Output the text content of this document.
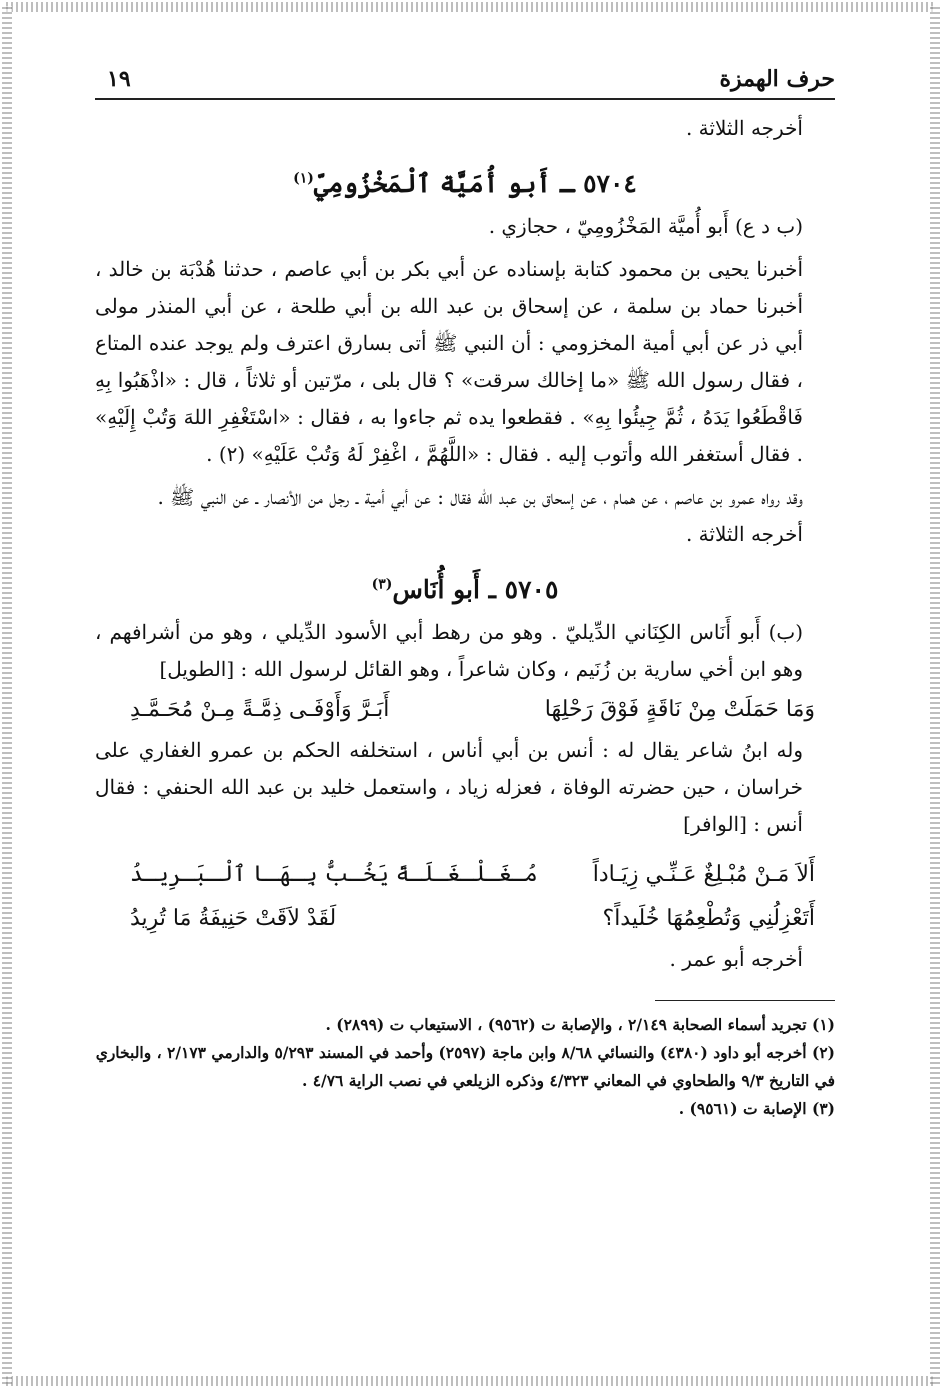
حرف الهمزة
١٩
أخرجه الثلاثة .
٥٧٠٤ ـ أَبو أُمَيَّة ٱلْمَخْزُومِيّ$^{(١)}$
(ب د ع) أَبو أُميَّة المَخْزُومِيّ ، حجازي .
أخبرنا يحيى بن محمود كتابة بإسناده عن أبي بكر بن أبي عاصم ، حدثنا هُدْبَة بن خالد ، أخبرنا حماد بن سلمة ، عن إسحاق بن عبد الله بن أبي طلحة ، عن أبي المنذر مولى أبي ذر عن أبي أمية المخزومي : أن النبي ﷺ أتى بسارق اعترف ولم يوجد عنده المتاع ، فقال رسول الله ﷺ «ما إخالك سرقت» ؟ قال بلى ، مرّتين أو ثلاثاً ، قال : «اذْهَبُوا بِهِ فَاقْطَعُوا يَدَهُ ، ثُمَّ جِيئُوا بِهِ» . فقطعوا يده ثم جاءوا به ، فقال : «اسْتَغْفِرِ اللهَ وَتُبْ إِلَيْهِ» . فقال أستغفر الله وأتوب إليه . فقال : «اللَّهُمَّ ، اغْفِرْ لَهُ وَتُبْ عَلَيْهِ» (٢) .
وقد رواه عمرو بن عاصم ، عن همام ، عن إسحاق بن عبد الله فقال : عن أبي أمية ـ رجل من الأنصار ـ عن النبي ﷺ .
أخرجه الثلاثة .
٥٧٠٥ ـ أَبو أُنَاس$^{(٣)}$
(ب) أَبو أَنَاس الكِنَاني الدِّيليّ . وهو من رهط أبي الأسود الدِّيلي ، وهو من أشرافهم ، وهو ابن أخي سارية بن زُنَيم ، وكان شاعراً ، وهو القائل لرسول الله : [الطويل]
وَمَا حَمَلَتْ مِنْ نَاقَةٍ فَوْقَ رَحْلِهَا
أَبَـرَّ وَأَوْفَـى ذِمَّـةً مِـنْ مُحَـمَّـدِ
وله ابنُ شاعر يقال له : أنس بن أبي أناس ، استخلفه الحكم بن عمرو الغفاري على خراسان ، حين حضرته الوفاة ، فعزله زياد ، واستعمل خليد بن عبد الله الحنفي : فقال أنس : [الوافر]
أَلاَ مَـنْ مُبْـلِغٌ عَـنِّـي زِيَـاداً
مُـغَـلْـغَـلَـةً يَخُـبُّ بِـهَـا ٱلْـبَـرِيـدُ
أَتَعْزِلُنِي وَتُطْعِمُهَا خُلَيداً؟
لَقَدْ لاَقَتْ حَنِيفَةُ مَا تُرِيدُ
أخرجه أبو عمر .
(١) تجريد أسماء الصحابة ٢/١٤٩ ، والإصابة ت (٩٥٦٢) ، الاستيعاب ت (٢٨٩٩) .
(٢) أخرجه أبو داود (٤٣٨٠) والنسائي ٨/٦٨ وابن ماجة (٢٥٩٧) وأحمد في المسند ٥/٢٩٣ والدارمي ٢/١٧٣ ، والبخاري في التاريخ ٩/٣ والطحاوي في المعاني ٤/٣٢٣ وذكره الزيلعي في نصب الراية ٤/٧٦ .
(٣) الإصابة ت (٩٥٦١) .
